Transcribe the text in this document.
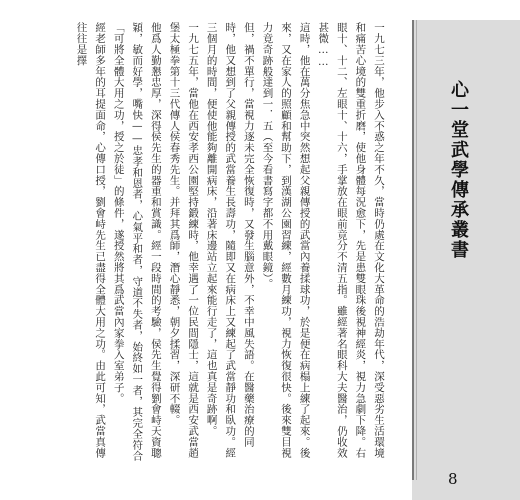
心一堂武學傳承叢書
8

一九七三年，他步入不惑之年不久，當時仍處在文化大革命的浩劫年代，深受惡劣生活環境和痛苦心境的雙重折磨，使他身體每況愈下，先是患雙眼珠後視神經炎，視力急劇下降。右眼十、十二、左眼十、十六，手掌放在眼前竟分不清五指。雖經著名眼科大夫醫治，仍收效甚微……

這時，他在萬分焦急中突然想起父親傳授的武當內養揉球功，於是便在病榻上練了起來。後來，又在家人的照顧和幫助下，到漢湖公園習練，經數月練功，視力恢復很快。後來雙目視力竟奇跡般達到一．五（至今看書寫字都不用戴眼鏡）。

但，禍不單行，當視力逐未完全恢復時，又發生腦意外，不幸中風失語。在醫藥治療的同時，他又想到了父親傳授的武當養生長壽功，隨即又在病床上又練起了武當靜功和臥功。經三個月的時間，便使他能夠離開病床，沿著床邊站立起來能行走了，這也真是奇跡啊。

一九七五年，當他在西安孝西公園堅持鍛練時，他幸遇了一位民間隱士，這就是西安武當趙堡太極拳第十三代傳人侯春秀先生。并拜其爲師，潛心靜悉，朝夕揉習，深研不輟。

他爲人勤懇忠厚，深得侯先生的器重和賞識。經一段時間的考驗，侯先生覺得劉會峙天資聰穎，敏而好學，嘴快——忠孝和恩者，心氣平和者，守道不失者，始終如一者，其完全符合「可將全體大用之功，授之於徒」的條件，遂授然將其爲武當內家拳入室弟子。

經老師多年的耳提面命，心傳口授，劉會峙先生已盡得全體大用之功。由此可知，武當真傳往往是擇
